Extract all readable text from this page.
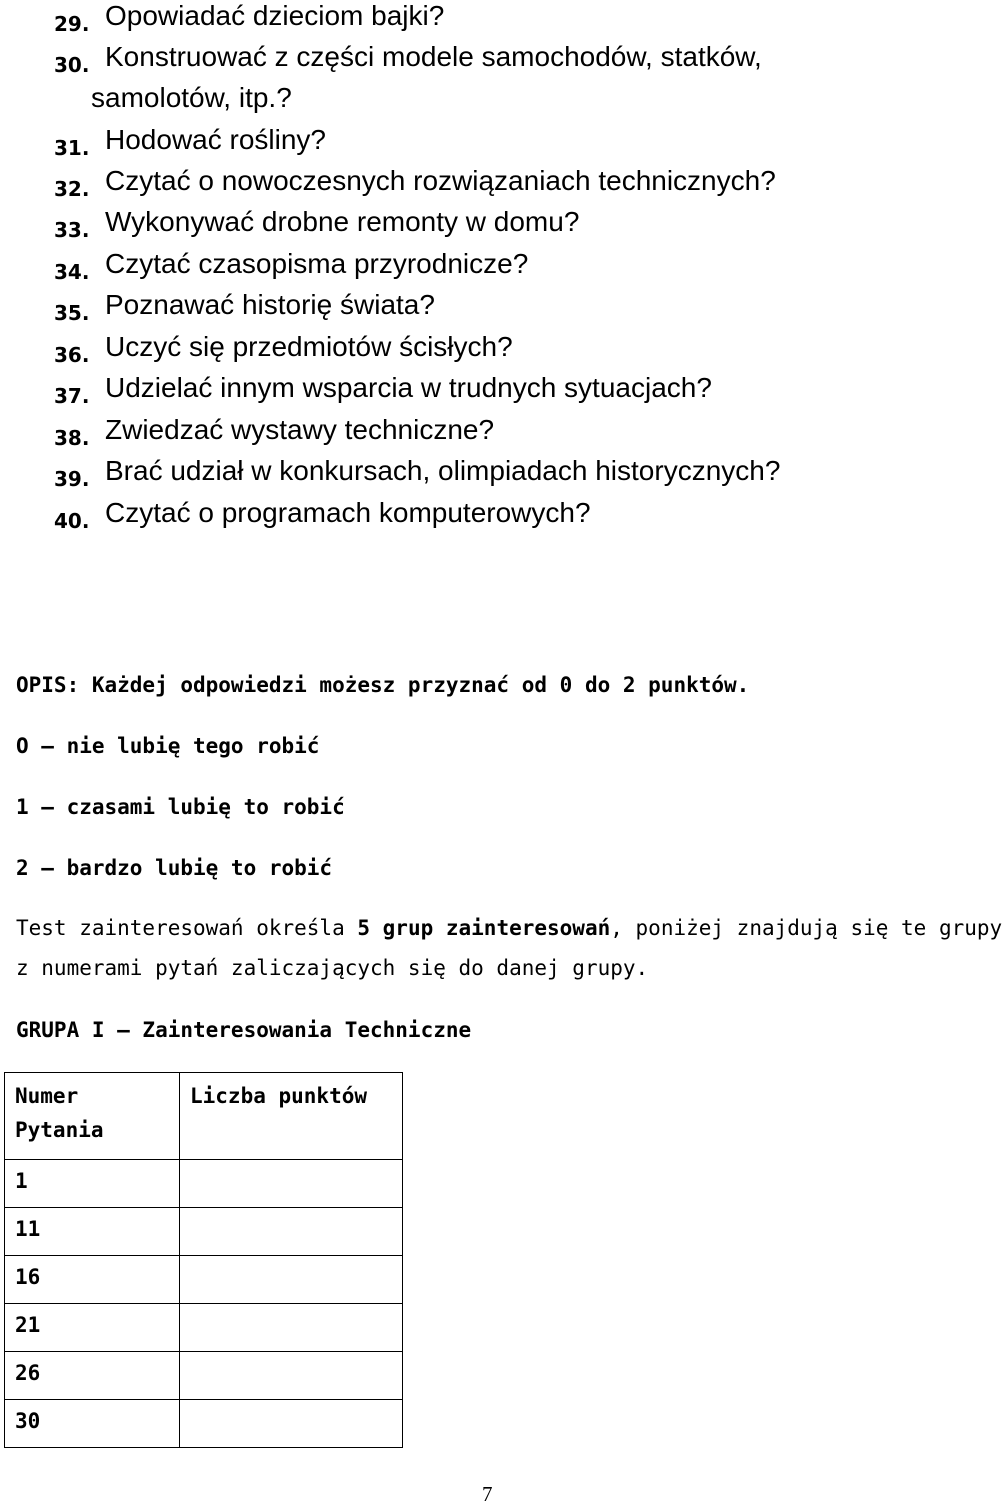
29. Opowiadać dzieciom bajki?
30. Konstruować z części modele samochodów, statków,
samolotów, itp.?
31. Hodować rośliny?
32. Czytać o nowoczesnych rozwiązaniach technicznych?
33. Wykonywać drobne remonty w domu?
34. Czytać czasopisma przyrodnicze?
35. Poznawać historię świata?
36. Uczyć się przedmiotów ścisłych?
37. Udzielać innym wsparcia w trudnych sytuacjach?
38. Zwiedzać wystawy techniczne?
39. Brać udział w konkursach, olimpiadach historycznych?
40. Czytać o programach komputerowych?
OPIS: Każdej odpowiedzi możesz przyznać od 0 do 2 punktów.
O – nie lubię tego robić
1 – czasami lubię to robić
2 – bardzo lubię to robić
Test zainteresowań określa 5 grup zainteresowań, poniżej znajdują się te grupy
z numerami pytań zaliczających się do danej grupy.
GRUPA I – Zainteresowania Techniczne
Numer
Pytania	Liczba punktów
1	
11	
16	
21	
26	
30	
7
